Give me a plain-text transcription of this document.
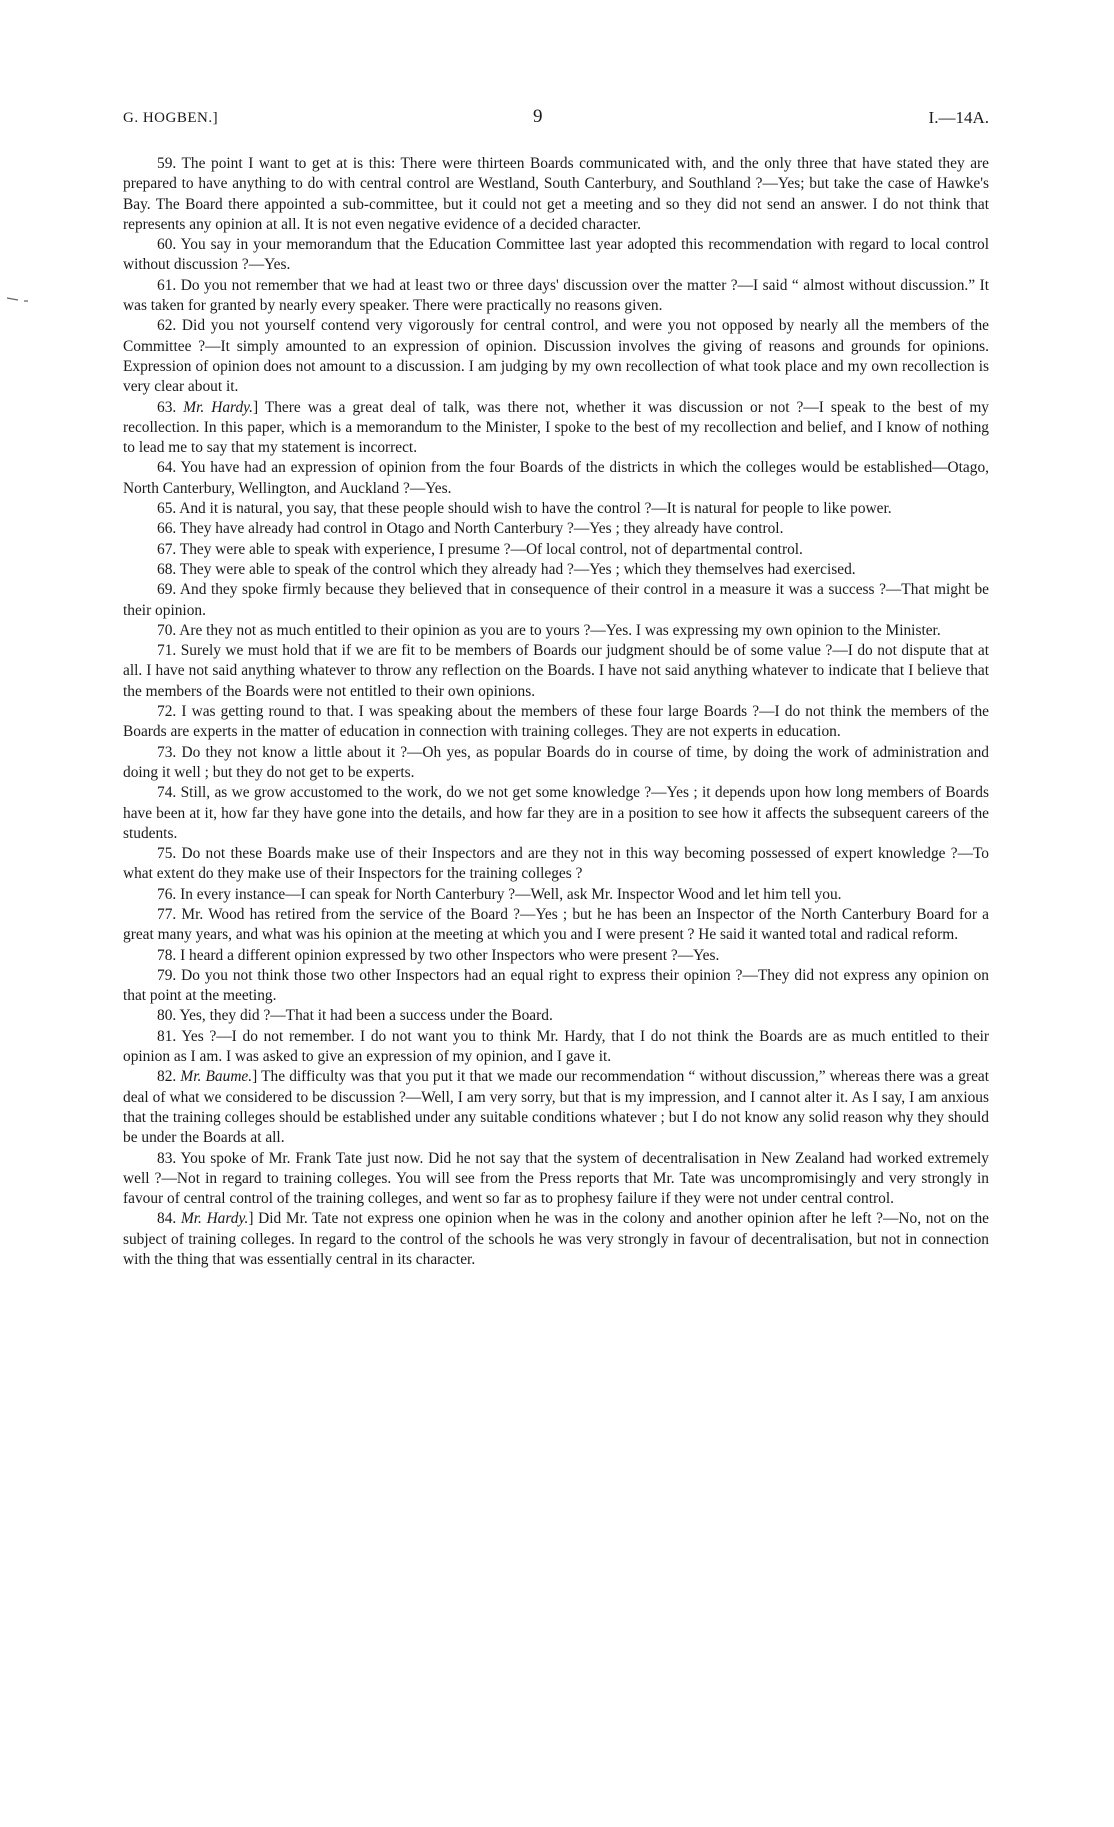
G. HOGBEN.]	9	I.—14A.

59. The point I want to get at is this: There were thirteen Boards communicated with, and the only three that have stated they are prepared to have anything to do with central control are Westland, South Canterbury, and Southland ?—Yes; but take the case of Hawke's Bay. The Board there appointed a sub-committee, but it could not get a meeting and so they did not send an answer. I do not think that represents any opinion at all. It is not even negative evidence of a decided character.

60. You say in your memorandum that the Education Committee last year adopted this recommendation with regard to local control without discussion ?—Yes.

61. Do you not remember that we had at least two or three days' discussion over the matter ?—I said “ almost without discussion.” It was taken for granted by nearly every speaker. There were practically no reasons given.

62. Did you not yourself contend very vigorously for central control, and were you not opposed by nearly all the members of the Committee ?—It simply amounted to an expression of opinion. Discussion involves the giving of reasons and grounds for opinions. Expression of opinion does not amount to a discussion. I am judging by my own recollection of what took place and my own recollection is very clear about it.

63. Mr. Hardy.] There was a great deal of talk, was there not, whether it was discussion or not ?—I speak to the best of my recollection. In this paper, which is a memorandum to the Minister, I spoke to the best of my recollection and belief, and I know of nothing to lead me to say that my statement is incorrect.

64. You have had an expression of opinion from the four Boards of the districts in which the colleges would be established—Otago, North Canterbury, Wellington, and Auckland ?—Yes.

65. And it is natural, you say, that these people should wish to have the control ?—It is natural for people to like power.

66. They have already had control in Otago and North Canterbury ?—Yes ; they already have control.

67. They were able to speak with experience, I presume ?—Of local control, not of departmental control.

68. They were able to speak of the control which they already had ?—Yes ; which they themselves had exercised.

69. And they spoke firmly because they believed that in consequence of their control in a measure it was a success ?—That might be their opinion.

70. Are they not as much entitled to their opinion as you are to yours ?—Yes. I was expressing my own opinion to the Minister.

71. Surely we must hold that if we are fit to be members of Boards our judgment should be of some value ?—I do not dispute that at all. I have not said anything whatever to throw any reflection on the Boards. I have not said anything whatever to indicate that I believe that the members of the Boards were not entitled to their own opinions.

72. I was getting round to that. I was speaking about the members of these four large Boards ?—I do not think the members of the Boards are experts in the matter of education in connection with training colleges. They are not experts in education.

73. Do they not know a little about it ?—Oh yes, as popular Boards do in course of time, by doing the work of administration and doing it well ; but they do not get to be experts.

74. Still, as we grow accustomed to the work, do we not get some knowledge ?—Yes ; it depends upon how long members of Boards have been at it, how far they have gone into the details, and how far they are in a position to see how it affects the subsequent careers of the students.

75. Do not these Boards make use of their Inspectors and are they not in this way becoming possessed of expert knowledge ?—To what extent do they make use of their Inspectors for the training colleges ?

76. In every instance—I can speak for North Canterbury ?—Well, ask Mr. Inspector Wood and let him tell you.

77. Mr. Wood has retired from the service of the Board ?—Yes ; but he has been an Inspector of the North Canterbury Board for a great many years, and what was his opinion at the meeting at which you and I were present ? He said it wanted total and radical reform.

78. I heard a different opinion expressed by two other Inspectors who were present ?—Yes.

79. Do you not think those two other Inspectors had an equal right to express their opinion ?—They did not express any opinion on that point at the meeting.

80. Yes, they did ?—That it had been a success under the Board.

81. Yes ?—I do not remember. I do not want you to think Mr. Hardy, that I do not think the Boards are as much entitled to their opinion as I am. I was asked to give an expression of my opinion, and I gave it.

82. Mr. Baume.] The difficulty was that you put it that we made our recommendation “ without discussion,” whereas there was a great deal of what we considered to be discussion ?—Well, I am very sorry, but that is my impression, and I cannot alter it. As I say, I am anxious that the training colleges should be established under any suitable conditions whatever ; but I do not know any solid reason why they should be under the Boards at all.

83. You spoke of Mr. Frank Tate just now. Did he not say that the system of decentralisation in New Zealand had worked extremely well ?—Not in regard to training colleges. You will see from the Press reports that Mr. Tate was uncompromisingly and very strongly in favour of central control of the training colleges, and went so far as to prophesy failure if they were not under central control.

84. Mr. Hardy.] Did Mr. Tate not express one opinion when he was in the colony and another opinion after he left ?—No, not on the subject of training colleges. In regard to the control of the schools he was very strongly in favour of decentralisation, but not in connection with the thing that was essentially central in its character.
